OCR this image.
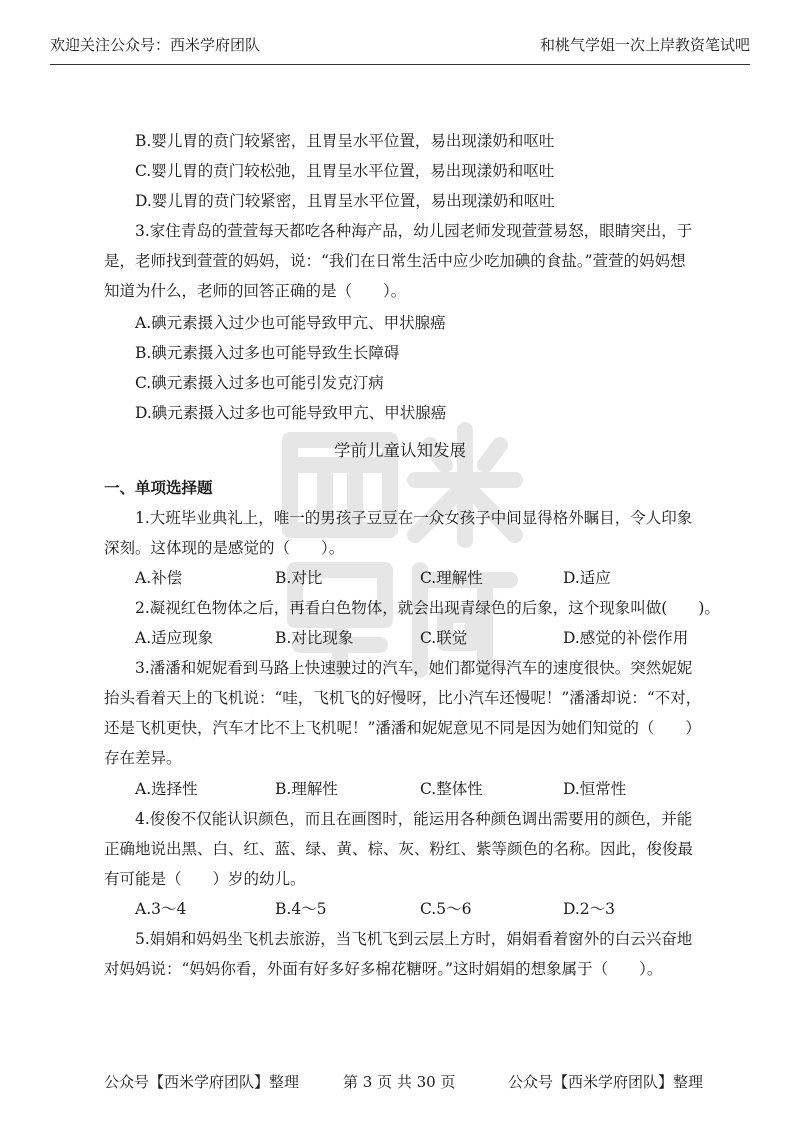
欢迎关注公众号：西米学府团队	和桃气学姐一次上岸教资笔试吧
B.婴儿胃的贲门较紧密，且胃呈水平位置，易出现漾奶和呕吐
C.婴儿胃的贲门较松弛，且胃呈水平位置，易出现漾奶和呕吐
D.婴儿胃的贲门较紧密，且胃呈水平位置，易出现漾奶和呕吐
3.家住青岛的萱萱每天都吃各种海产品，幼儿园老师发现萱萱易怒，眼睛突出，于
是，老师找到萱萱的妈妈，说：“我们在日常生活中应少吃加碘的食盐。”萱萱的妈妈想
知道为什么，老师的回答正确的是（　　）。
A.碘元素摄入过少也可能导致甲亢、甲状腺癌
B.碘元素摄入过多也可能导致生长障碍
C.碘元素摄入过多也可能引发克汀病
D.碘元素摄入过多也可能导致甲亢、甲状腺癌
学前儿童认知发展
一、单项选择题
1.大班毕业典礼上，唯一的男孩子豆豆在一众女孩子中间显得格外瞩目，令人印象
深刻。这体现的是感觉的（　　）。
A.补偿	B.对比	C.理解性	D.适应
2.凝视红色物体之后，再看白色物体，就会出现青绿色的后象，这个现象叫做(　　)。
A.适应现象	B.对比现象	C.联觉	D.感觉的补偿作用
3.潘潘和妮妮看到马路上快速驶过的汽车，她们都觉得汽车的速度很快。突然妮妮
抬头看着天上的飞机说：“哇，飞机飞的好慢呀，比小汽车还慢呢！”潘潘却说：“不对，
还是飞机更快，汽车才比不上飞机呢！”潘潘和妮妮意见不同是因为她们知觉的（　　）
存在差异。
A.选择性	B.理解性	C.整体性	D.恒常性
4.俊俊不仅能认识颜色，而且在画图时，能运用各种颜色调出需要用的颜色，并能
正确地说出黑、白、红、蓝、绿、黄、棕、灰、粉红、紫等颜色的名称。因此，俊俊最
有可能是（　　）岁的幼儿。
A.3～4	B.4～5	C.5～6	D.2～3
5.娟娟和妈妈坐飞机去旅游，当飞机飞到云层上方时，娟娟看着窗外的白云兴奋地
对妈妈说：“妈妈你看，外面有好多好多棉花糖呀。”这时娟娟的想象属于（　　）。
公众号【西米学府团队】整理	第 3 页 共 30 页	公众号【西米学府团队】整理
